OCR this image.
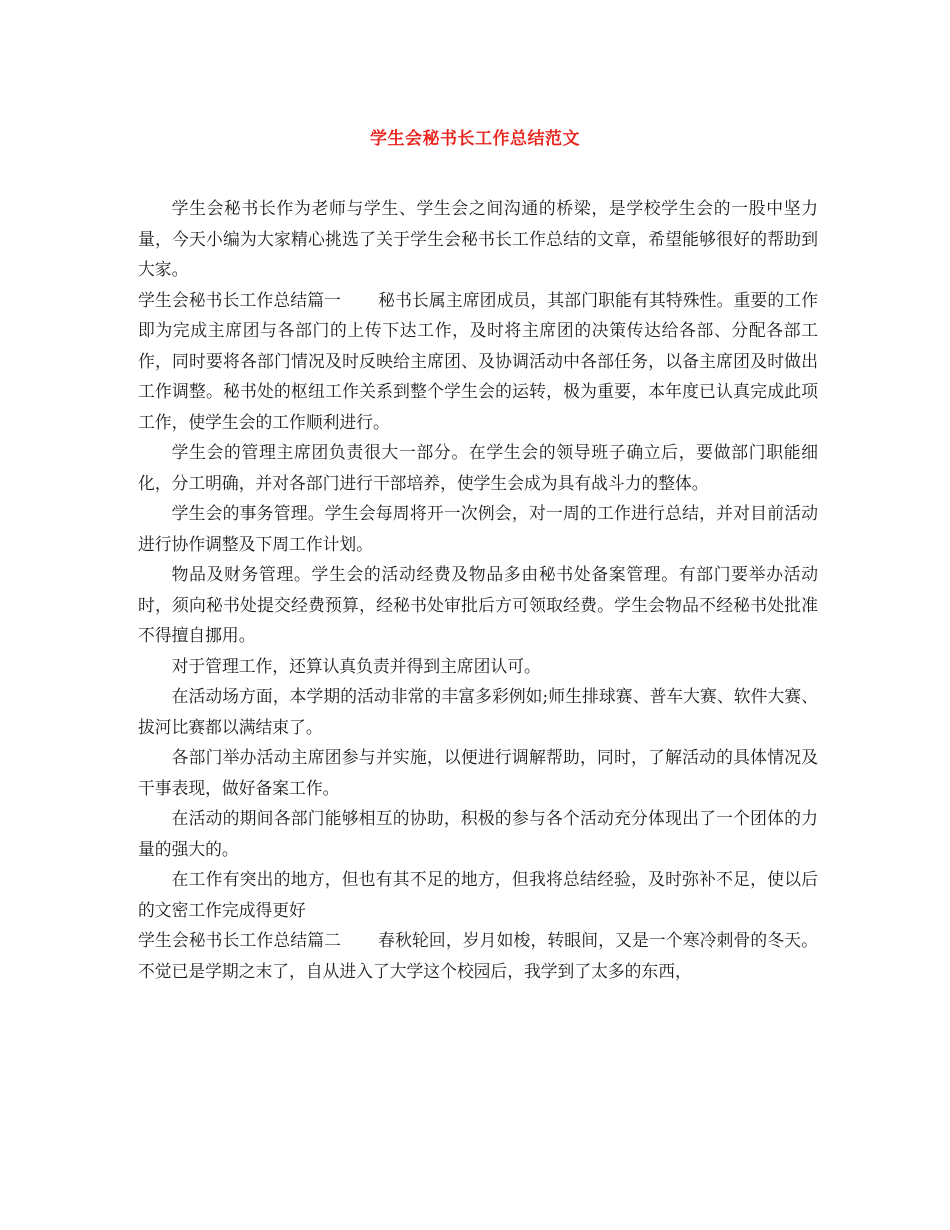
学生会秘书长工作总结范文

学生会秘书长作为老师与学生、学生会之间沟通的桥梁，是学校学生会的一股中坚力量，今天小编为大家精心挑选了关于学生会秘书长工作总结的文章，希望能够很好的帮助到大家。

学生会秘书长工作总结篇一 秘书长属主席团成员，其部门职能有其特殊性。重要的工作即为完成主席团与各部门的上传下达工作，及时将主席团的决策传达给各部、分配各部工作，同时要将各部门情况及时反映给主席团、及协调活动中各部任务，以备主席团及时做出工作调整。秘书处的枢纽工作关系到整个学生会的运转，极为重要，本年度已认真完成此项工作，使学生会的工作顺利进行。

学生会的管理主席团负责很大一部分。在学生会的领导班子确立后，要做部门职能细化，分工明确，并对各部门进行干部培养，使学生会成为具有战斗力的整体。

学生会的事务管理。学生会每周将开一次例会，对一周的工作进行总结，并对目前活动进行协作调整及下周工作计划。

物品及财务管理。学生会的活动经费及物品多由秘书处备案管理。有部门要举办活动时，须向秘书处提交经费预算，经秘书处审批后方可领取经费。学生会物品不经秘书处批准不得擅自挪用。

对于管理工作，还算认真负责并得到主席团认可。

在活动场方面，本学期的活动非常的丰富多彩例如;师生排球赛、普车大赛、软件大赛、拔河比赛都以满结束了。

各部门举办活动主席团参与并实施，以便进行调解帮助，同时，了解活动的具体情况及干事表现，做好备案工作。

在活动的期间各部门能够相互的协助，积极的参与各个活动充分体现出了一个团体的力量的强大的。

在工作有突出的地方，但也有其不足的地方，但我将总结经验，及时弥补不足，使以后的文密工作完成得更好

学生会秘书长工作总结篇二 春秋轮回，岁月如梭，转眼间，又是一个寒冷刺骨的冬天。不觉已是学期之末了，自从进入了大学这个校园后，我学到了太多的东西，
